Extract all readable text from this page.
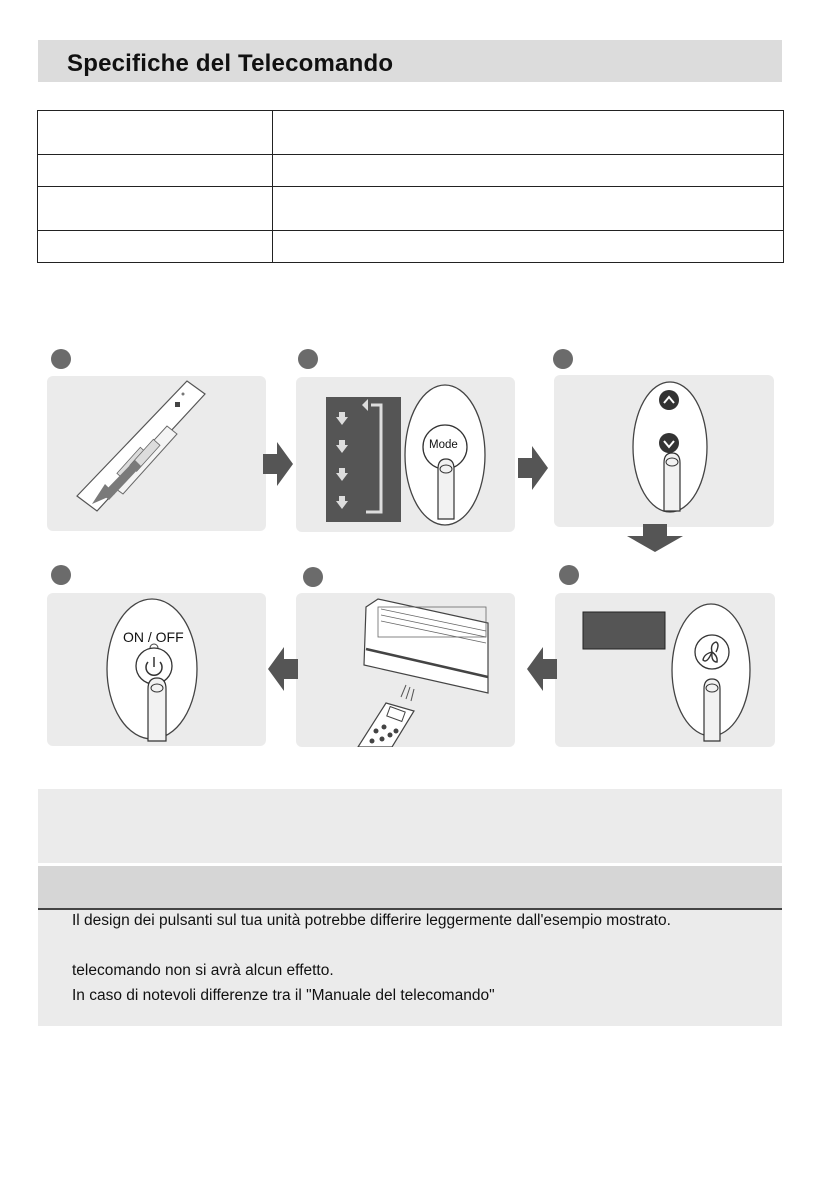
Specifiche del Telecomando

Mode
ON / OFF
Il design dei pulsanti sul tua unità potrebbe differire leggermente dall'esempio mostrato.
telecomando non si avrà alcun effetto.
In caso di notevoli differenze tra il "Manuale del telecomando"
